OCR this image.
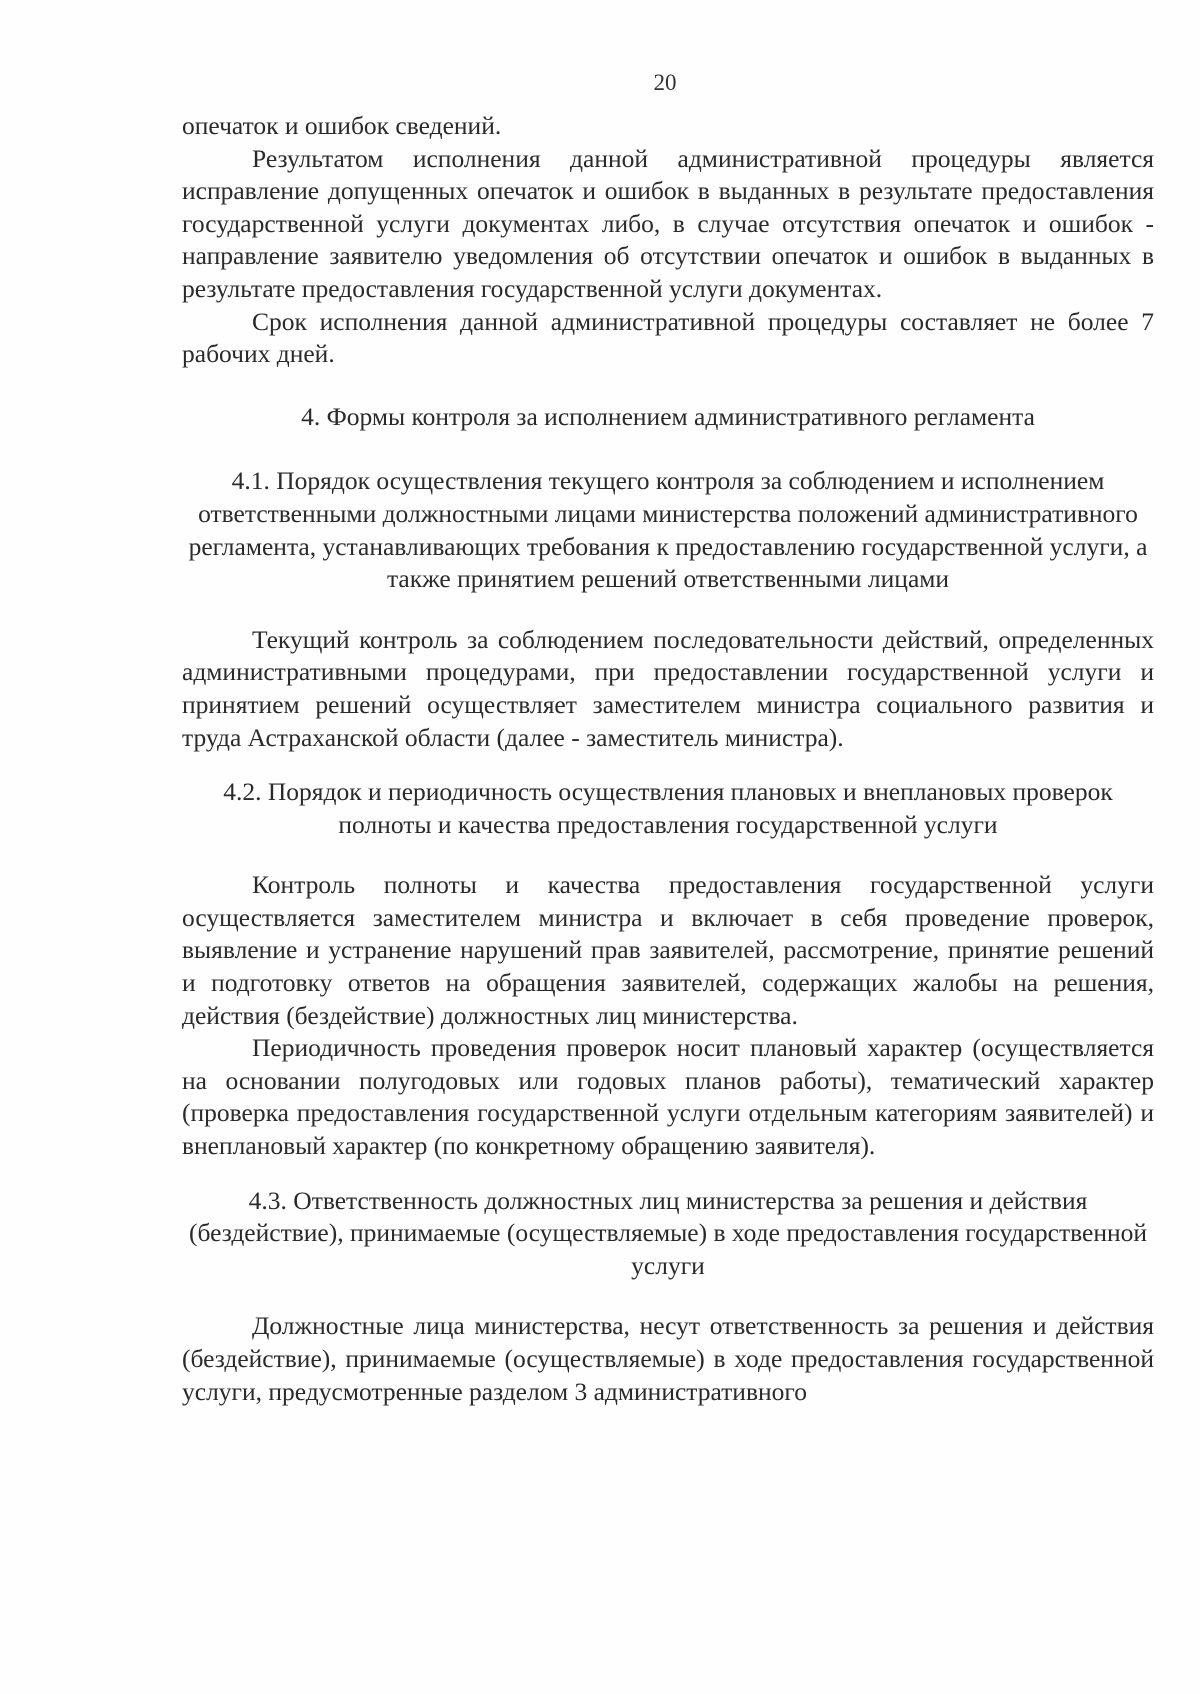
20

опечаток и ошибок сведений.

Результатом исполнения данной административной процедуры является исправление допущенных опечаток и ошибок в выданных в результате предоставления государственной услуги документах либо, в случае отсутствия опечаток и ошибок - направление заявителю уведомления об отсутствии опечаток и ошибок в выданных в результате предоставления государственной услуги документах.

Срок исполнения данной административной процедуры составляет не более 7 рабочих дней.

4. Формы контроля за исполнением административного регламента

4.1. Порядок осуществления текущего контроля за соблюдением и исполнением ответственными должностными лицами министерства положений административного регламента, устанавливающих требования к предоставлению государственной услуги, а также принятием решений ответственными лицами

Текущий контроль за соблюдением последовательности действий, определенных административными процедурами, при предоставлении государственной услуги и принятием решений осуществляет заместителем министра социального развития и труда Астраханской области (далее - заместитель министра).

4.2. Порядок и периодичность осуществления плановых и внеплановых проверок полноты и качества предоставления государственной услуги

Контроль полноты и качества предоставления государственной услуги осуществляется заместителем министра и включает в себя проведение проверок, выявление и устранение нарушений прав заявителей, рассмотрение, принятие решений и подготовку ответов на обращения заявителей, содержащих жалобы на решения, действия (бездействие) должностных лиц министерства.

Периодичность проведения проверок носит плановый характер (осуществляется на основании полугодовых или годовых планов работы), тематический характер (проверка предоставления государственной услуги отдельным категориям заявителей) и внеплановый характер (по конкретному обращению заявителя).

4.3. Ответственность должностных лиц министерства за решения и действия (бездействие), принимаемые (осуществляемые) в ходе предоставления государственной услуги

Должностные лица министерства, несут ответственность за решения и действия (бездействие), принимаемые (осуществляемые) в ходе предоставления государственной услуги, предусмотренные разделом 3 административного
